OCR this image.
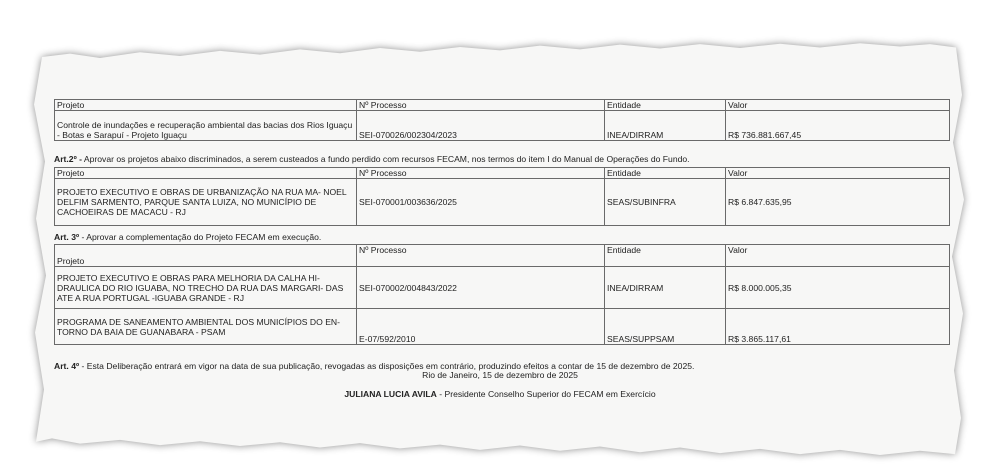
Projeto	Nº Processo	Entidade	Valor
Controle de inundações e recuperação ambiental das bacias dos Rios Iguaçu - Botas e Sarapuí - Projeto Iguaçu	SEI-070026/002304/2023	INEA/DIRRAM	R$ 736.881.667,45
Art.2º - Aprovar os projetos abaixo discriminados, a serem custeados a fundo perdido com recursos FECAM, nos termos do item I do Manual de Operações do Fundo.
Projeto	Nº Processo	Entidade	Valor
PROJETO EXECUTIVO E OBRAS DE URBANIZAÇÃO NA RUA MA- NOEL DELFIM SARMENTO, PARQUE SANTA LUIZA, NO MUNICÍPIO DE CACHOEIRAS DE MACACU - RJ	SEI-070001/003636/2025	SEAS/SUBINFRA	R$ 6.847.635,95
Art. 3º - Aprovar a complementação do Projeto FECAM em execução.
Projeto	Nº Processo	Entidade	Valor
PROJETO EXECUTIVO E OBRAS PARA MELHORIA DA CALHA HI- DRAULICA DO RIO IGUABA, NO TRECHO DA RUA DAS MARGARI- DAS ATE A RUA PORTUGAL -IGUABA GRANDE - RJ	SEI-070002/004843/2022	INEA/DIRRAM	R$ 8.000.005,35
PROGRAMA DE SANEAMENTO AMBIENTAL DOS MUNICÍPIOS DO EN- TORNO DA BAIA DE GUANABARA - PSAM	E-07/592/2010	SEAS/SUPPSAM	R$ 3.865.117,61
Art. 4º - Esta Deliberação entrará em vigor na data de sua publicação, revogadas as disposições em contrário, produzindo efeitos a contar de 15 de dezembro de 2025.
Rio de Janeiro, 15 de dezembro de 2025
JULIANA LUCIA AVILA - Presidente Conselho Superior do FECAM em Exercício
